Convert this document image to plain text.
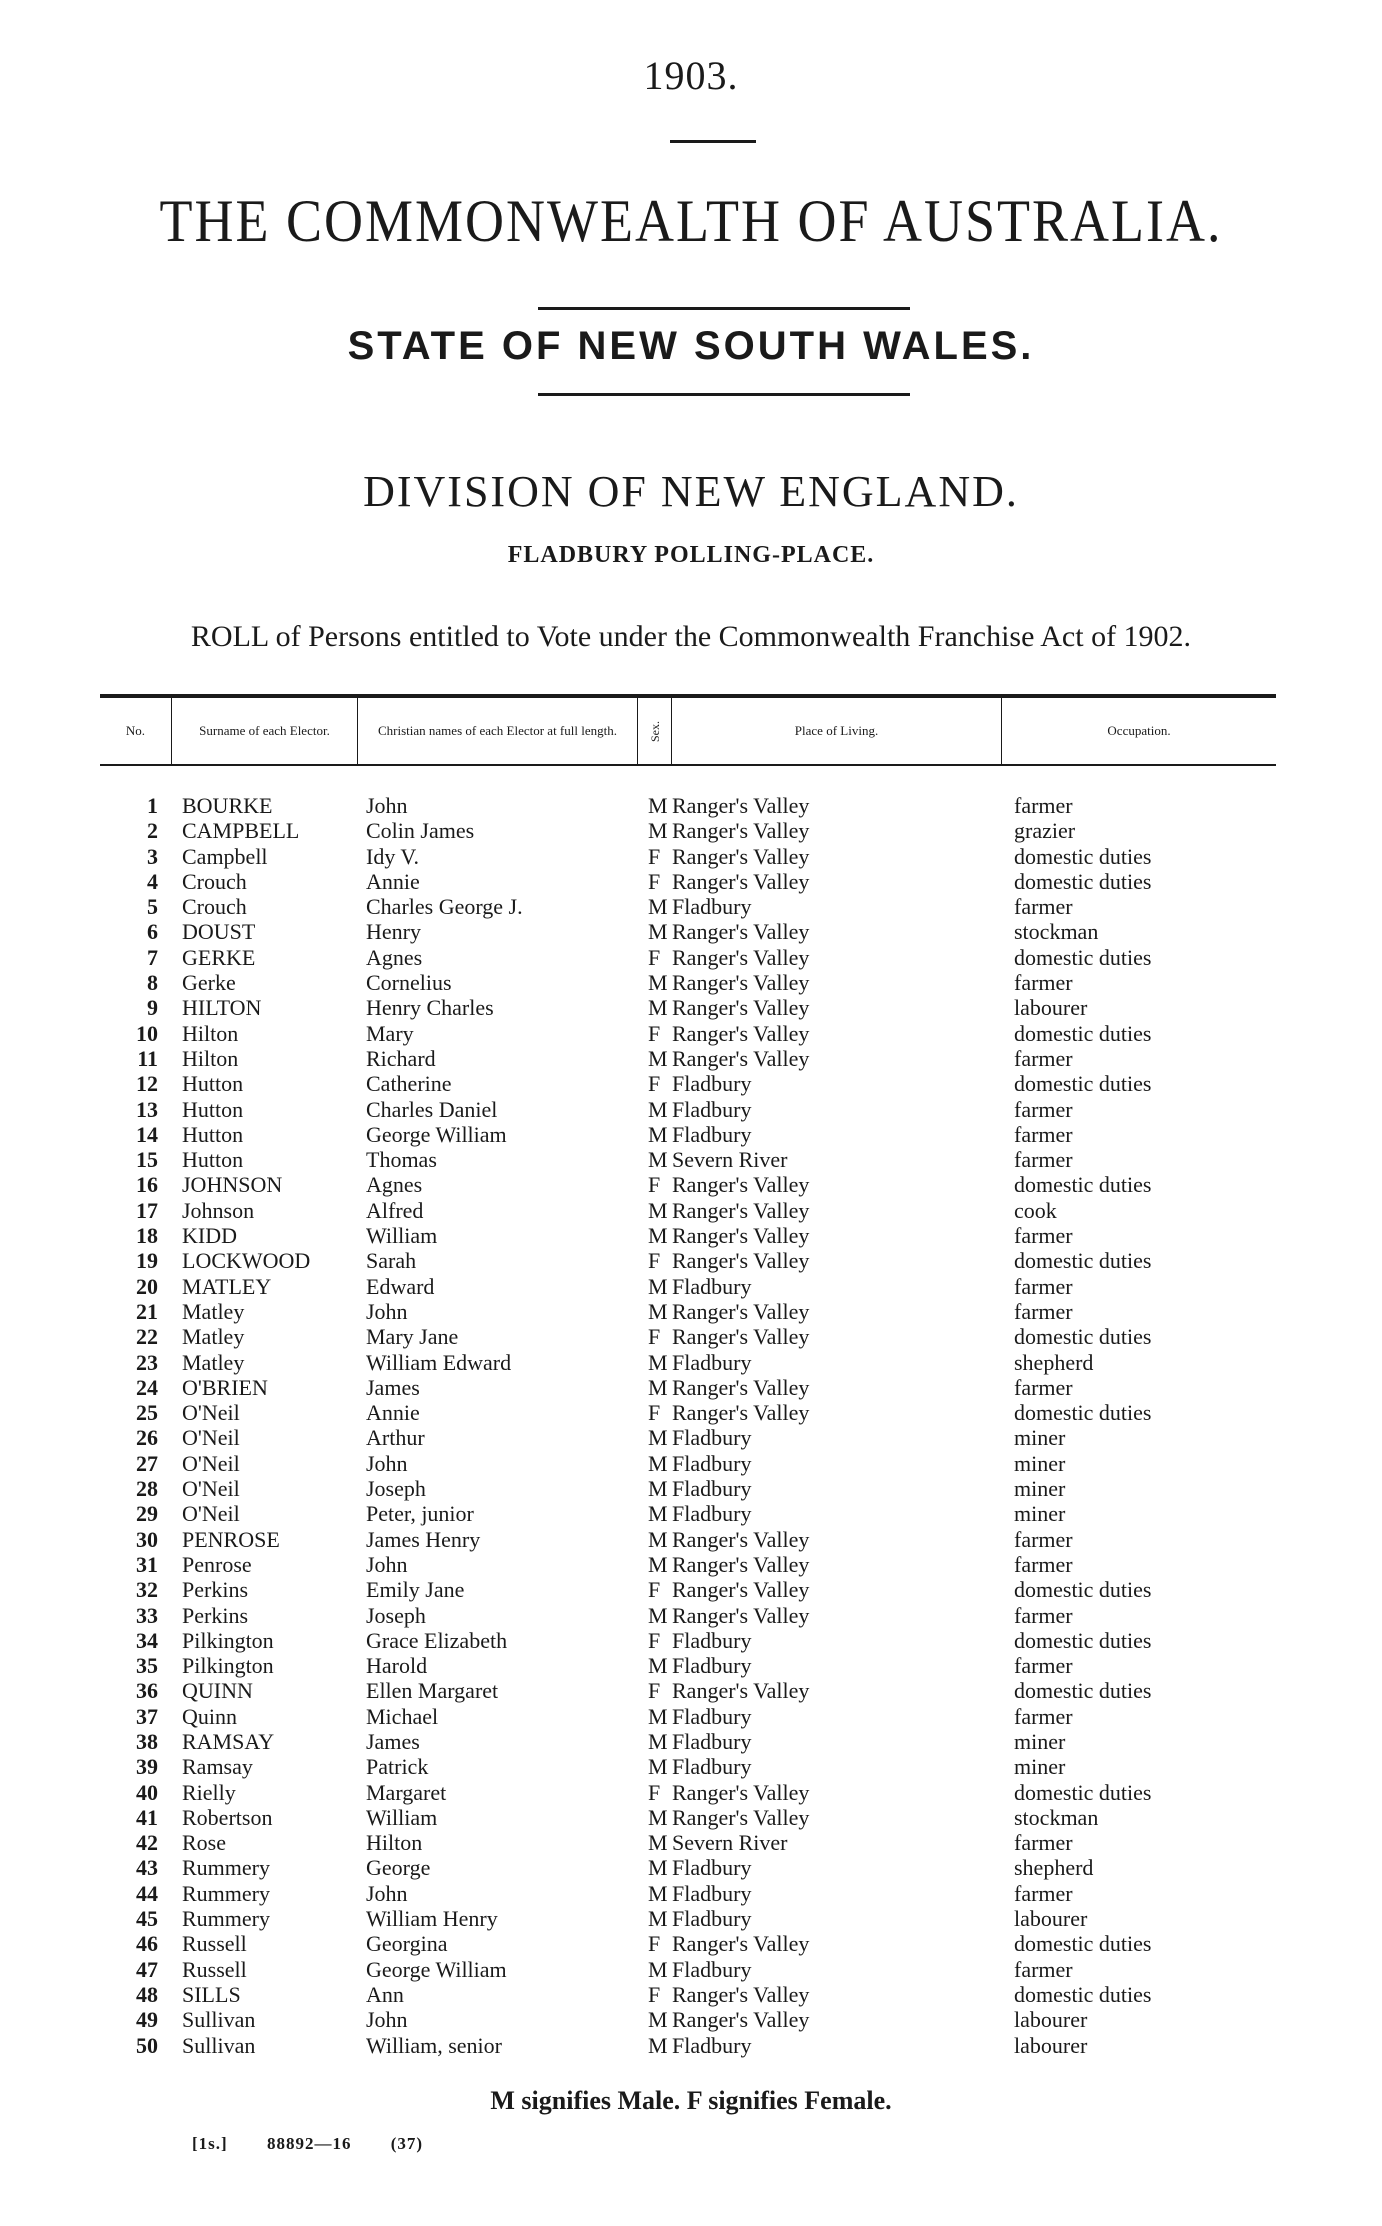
1903.
THE COMMONWEALTH OF AUSTRALIA.
STATE OF NEW SOUTH WALES.
DIVISION OF NEW ENGLAND.
FLADBURY POLLING-PLACE.
ROLL of Persons entitled to Vote under the Commonwealth Franchise Act of 1902.
No.	Surname of each Elector.	Christian names of each Elector at full length.	Sex.	Place of Living.	Occupation.
1 BOURKE	John	M Ranger's Valley	farmer
2 CAMPBELL	Colin James	M Ranger's Valley	grazier
3 Campbell	Idy V.	F Ranger's Valley	domestic duties
4 Crouch	Annie	F Ranger's Valley	domestic duties
5 Crouch	Charles George J.	M Fladbury	farmer
6 DOUST	Henry	M Ranger's Valley	stockman
7 GERKE	Agnes	F Ranger's Valley	domestic duties
8 Gerke	Cornelius	M Ranger's Valley	farmer
9 HILTON	Henry Charles	M Ranger's Valley	labourer
10 Hilton	Mary	F Ranger's Valley	domestic duties
11 Hilton	Richard	M Ranger's Valley	farmer
12 Hutton	Catherine	F Fladbury	domestic duties
13 Hutton	Charles Daniel	M Fladbury	farmer
14 Hutton	George William	M Fladbury	farmer
15 Hutton	Thomas	M Severn River	farmer
16 JOHNSON	Agnes	F Ranger's Valley	domestic duties
17 Johnson	Alfred	M Ranger's Valley	cook
18 KIDD	William	M Ranger's Valley	farmer
19 LOCKWOOD	Sarah	F Ranger's Valley	domestic duties
20 MATLEY	Edward	M Fladbury	farmer
21 Matley	John	M Ranger's Valley	farmer
22 Matley	Mary Jane	F Ranger's Valley	domestic duties
23 Matley	William Edward	M Fladbury	shepherd
24 O'BRIEN	James	M Ranger's Valley	farmer
25 O'Neil	Annie	F Ranger's Valley	domestic duties
26 O'Neil	Arthur	M Fladbury	miner
27 O'Neil	John	M Fladbury	miner
28 O'Neil	Joseph	M Fladbury	miner
29 O'Neil	Peter, junior	M Fladbury	miner
30 PENROSE	James Henry	M Ranger's Valley	farmer
31 Penrose	John	M Ranger's Valley	farmer
32 Perkins	Emily Jane	F Ranger's Valley	domestic duties
33 Perkins	Joseph	M Ranger's Valley	farmer
34 Pilkington	Grace Elizabeth	F Fladbury	domestic duties
35 Pilkington	Harold	M Fladbury	farmer
36 QUINN	Ellen Margaret	F Ranger's Valley	domestic duties
37 Quinn	Michael	M Fladbury	farmer
38 RAMSAY	James	M Fladbury	miner
39 Ramsay	Patrick	M Fladbury	miner
40 Rielly	Margaret	F Ranger's Valley	domestic duties
41 Robertson	William	M Ranger's Valley	stockman
42 Rose	Hilton	M Severn River	farmer
43 Rummery	George	M Fladbury	shepherd
44 Rummery	John	M Fladbury	farmer
45 Rummery	William Henry	M Fladbury	labourer
46 Russell	Georgina	F Ranger's Valley	domestic duties
47 Russell	George William	M Fladbury	farmer
48 SILLS	Ann	F Ranger's Valley	domestic duties
49 Sullivan	John	M Ranger's Valley	labourer
50 Sullivan	William, senior	M Fladbury	labourer
M signifies Male. F signifies Female.
[1s.] 88892—16 (37)
